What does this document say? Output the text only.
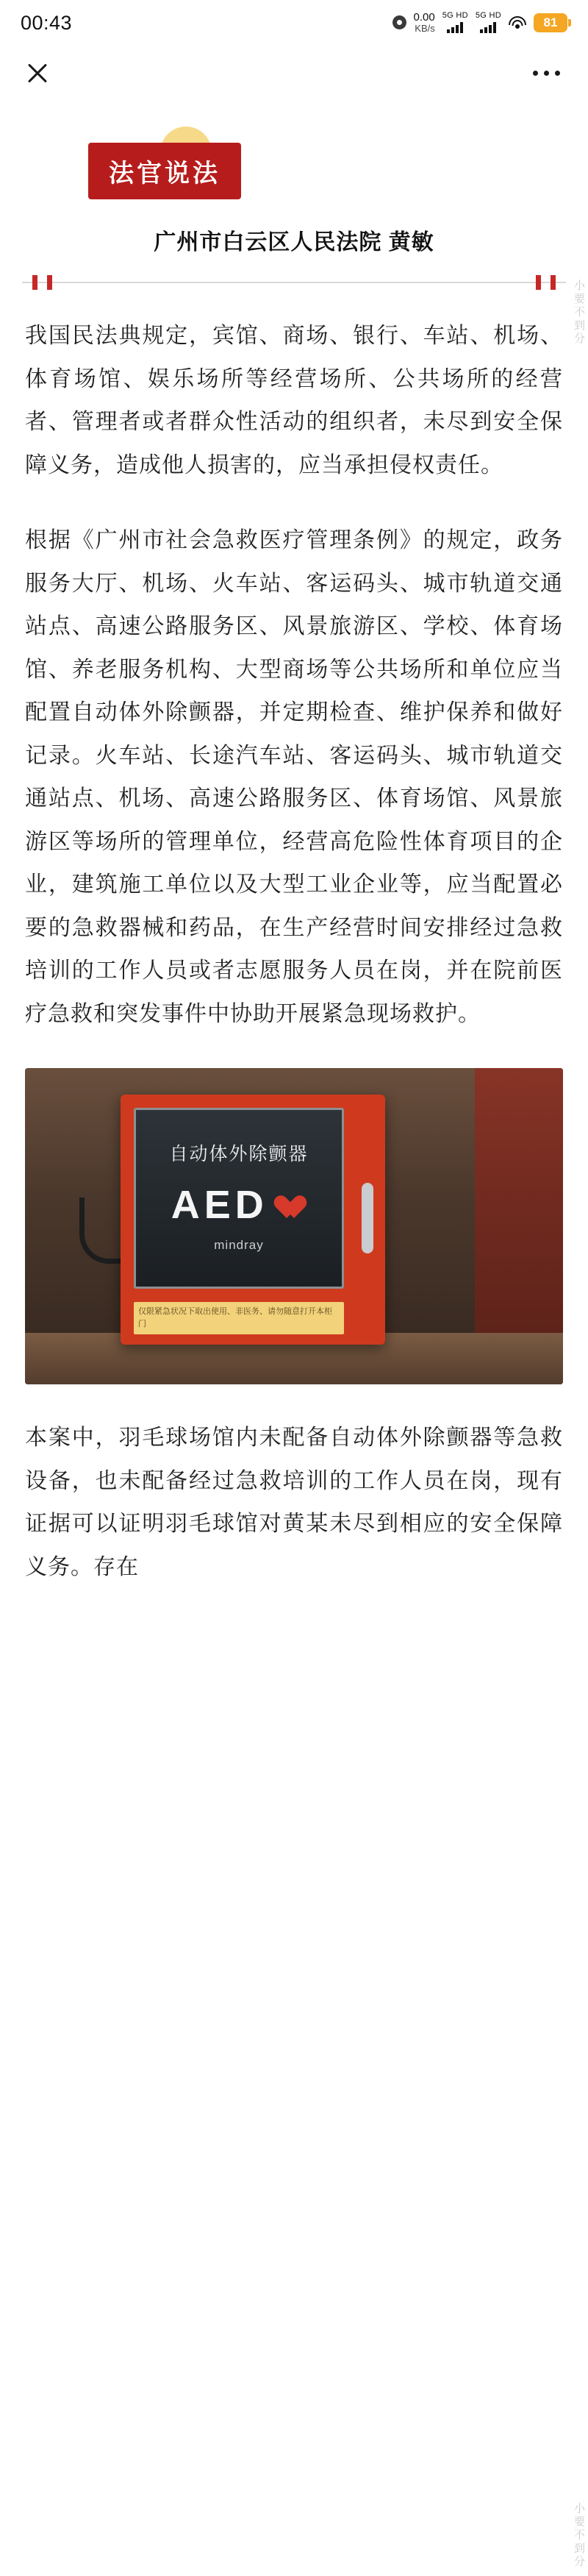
00:43	0.00
KB/s
5G HD 5G HD	81
法官说法
广州市白云区人民法院 黄敏

我国民法典规定，宾馆、商场、银行、车站、机场、体育场馆、娱乐场所等经营场所、公共场所的经营者、管理者或者群众性活动的组织者，未尽到安全保障义务，造成他人损害的，应当承担侵权责任。

根据《广州市社会急救医疗管理条例》的规定，政务服务大厅、机场、火车站、客运码头、城市轨道交通站点、高速公路服务区、风景旅游区、学校、体育场馆、养老服务机构、大型商场等公共场所和单位应当配置自动体外除颤器，并定期检查、维护保养和做好记录。火车站、长途汽车站、客运码头、城市轨道交通站点、机场、高速公路服务区、体育场馆、风景旅游区等场所的管理单位，经营高危险性体育项目的企业，建筑施工单位以及大型工业企业等，应当配置必要的急救器械和药品，在生产经营时间安排经过急救培训的工作人员或者志愿服务人员在岗，并在院前医疗急救和突发事件中协助开展紧急现场救护。

自动体外除颤器
AED
mindray
仅限紧急状况下取出使用、非医务、请勿随意打开本柜门

本案中，羽毛球场馆内未配备自动体外除颤器等急救设备，也未配备经过急救培训的工作人员在岗，现有证据可以证明羽毛球馆对黄某未尽到相应的安全保障义务。存在

小要不到分
小要不到分
